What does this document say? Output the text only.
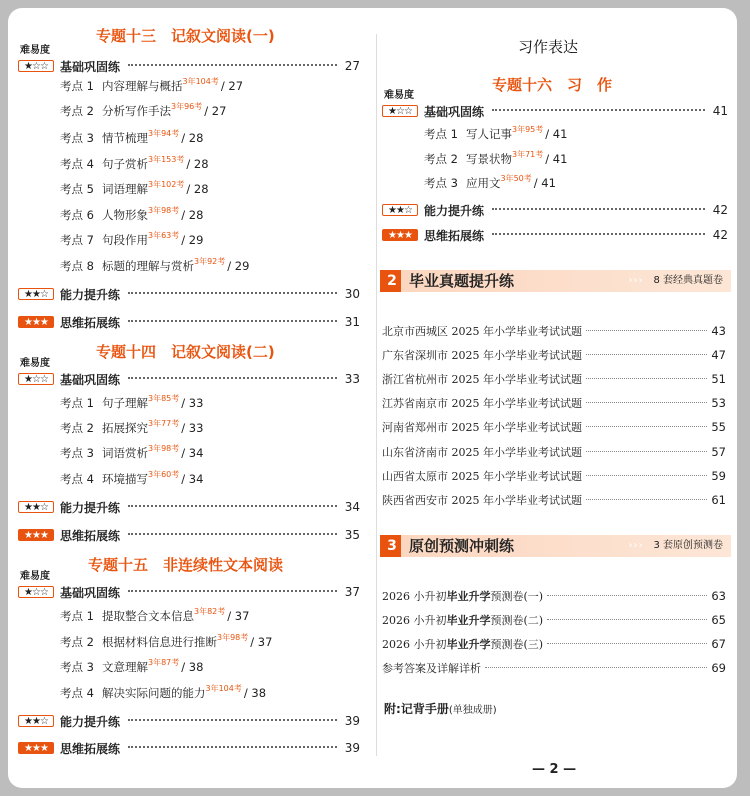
专题十三　记叙文阅读(一)
难易度
★☆☆	基础巩固练	27
考点 1 内容理解与概括$^{3年104考}$ / 27
考点 2 分析写作手法$^{3年96考}$ / 27
考点 3 情节梳理$^{3年94考}$ / 28
考点 4 句子赏析$^{3年153考}$ / 28
考点 5 词语理解$^{3年102考}$ / 28
考点 6 人物形象$^{3年98考}$ / 28
考点 7 句段作用$^{3年63考}$ / 29
考点 8 标题的理解与赏析$^{3年92考}$ / 29
★★☆	能力提升练	30
★★★	思维拓展练	31
专题十四　记叙文阅读(二)
难易度
★☆☆	基础巩固练	33
考点 1 句子理解$^{3年85考}$ / 33
考点 2 拓展探究$^{3年77考}$ / 33
考点 3 词语赏析$^{3年98考}$ / 34
考点 4 环境描写$^{3年60考}$ / 34
★★☆	能力提升练	34
★★★	思维拓展练	35
专题十五　非连续性文本阅读
难易度
★☆☆	基础巩固练	37
考点 1 提取整合文本信息$^{3年82考}$ / 37
考点 2 根据材料信息进行推断$^{3年98考}$ / 37
考点 3 文意理解$^{3年87考}$ / 38
考点 4 解决实际问题的能力$^{3年104考}$ / 38
★★☆	能力提升练	39
★★★	思维拓展练	39
习作表达
专题十六　习　作
难易度
★☆☆	基础巩固练	41
考点 1 写人记事$^{3年95考}$ / 41
考点 2 写景状物$^{3年71考}$ / 41
考点 3 应用文$^{3年50考}$ / 41
★★☆	能力提升练	42
★★★	思维拓展练	42
2 毕业真题提升练	››› 8 套经典真题卷
3 原创预测冲刺练	››› 3 套原创预测卷
北京市西城区 2025 年小学毕业考试试题	43
广东省深圳市 2025 年小学毕业考试试题	47
浙江省杭州市 2025 年小学毕业考试试题	51
江苏省南京市 2025 年小学毕业考试试题	53
河南省郑州市 2025 年小学毕业考试试题	55
山东省济南市 2025 年小学毕业考试试题	57
山西省太原市 2025 年小学毕业考试试题	59
陕西省西安市 2025 年小学毕业考试试题	61
2026 小升初 毕业升学 预测卷(一)	63
2026 小升初 毕业升学 预测卷(二)	65
2026 小升初 毕业升学 预测卷(三)	67
参考答案及详解详析	69
附:记背手册(单独成册)
— 2 —
